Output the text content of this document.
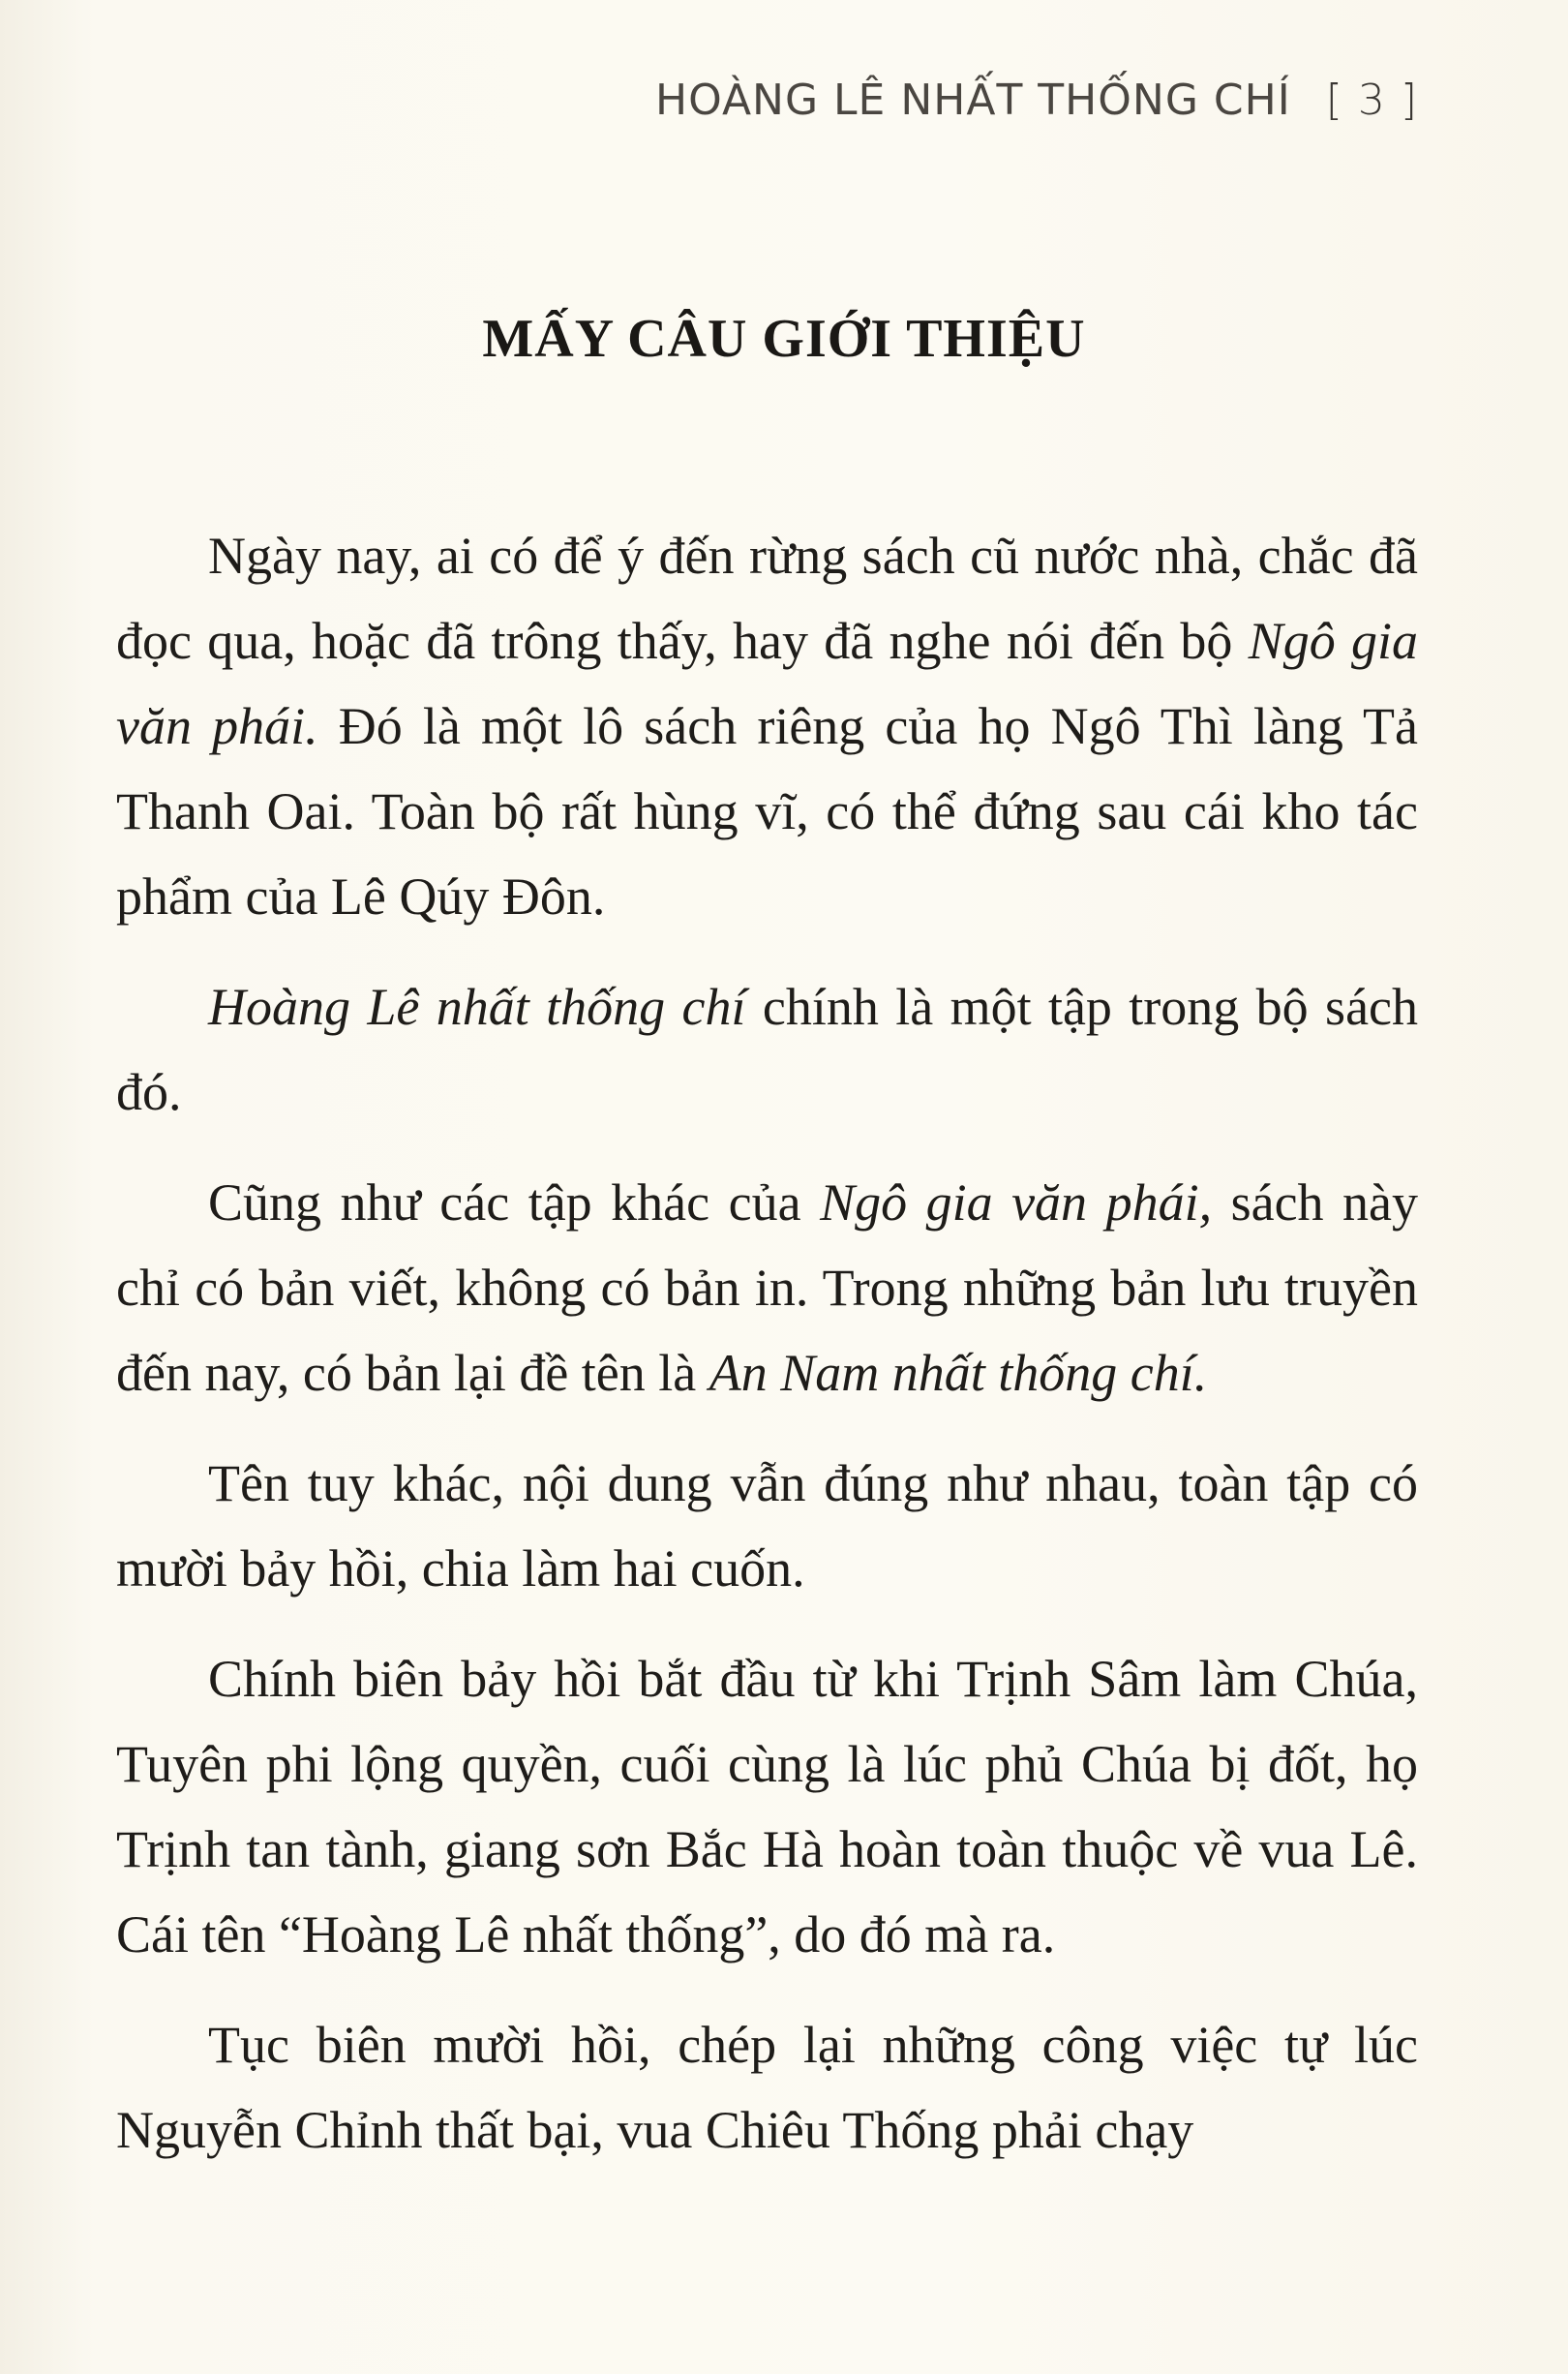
HOÀNG LÊ NHẤT THỐNG CHÍ [ 3 ]
MẤY CÂU GIỚI THIỆU

Ngày nay, ai có để ý đến rừng sách cũ nước nhà, chắc đã đọc qua, hoặc đã trông thấy, hay đã nghe nói đến bộ Ngô gia văn phái. Đó là một lô sách riêng của họ Ngô Thì làng Tả Thanh Oai. Toàn bộ rất hùng vĩ, có thể đứng sau cái kho tác phẩm của Lê Qúy Đôn.

Hoàng Lê nhất thống chí chính là một tập trong bộ sách đó.

Cũng như các tập khác của Ngô gia văn phái, sách này chỉ có bản viết, không có bản in. Trong những bản lưu truyền đến nay, có bản lại đề tên là An Nam nhất thống chí.

Tên tuy khác, nội dung vẫn đúng như nhau, toàn tập có mười bảy hồi, chia làm hai cuốn.

Chính biên bảy hồi bắt đầu từ khi Trịnh Sâm làm Chúa, Tuyên phi lộng quyền, cuối cùng là lúc phủ Chúa bị đốt, họ Trịnh tan tành, giang sơn Bắc Hà hoàn toàn thuộc về vua Lê. Cái tên “Hoàng Lê nhất thống”, do đó mà ra.

Tục biên mười hồi, chép lại những công việc tự lúc Nguyễn Chỉnh thất bại, vua Chiêu Thống phải chạy
